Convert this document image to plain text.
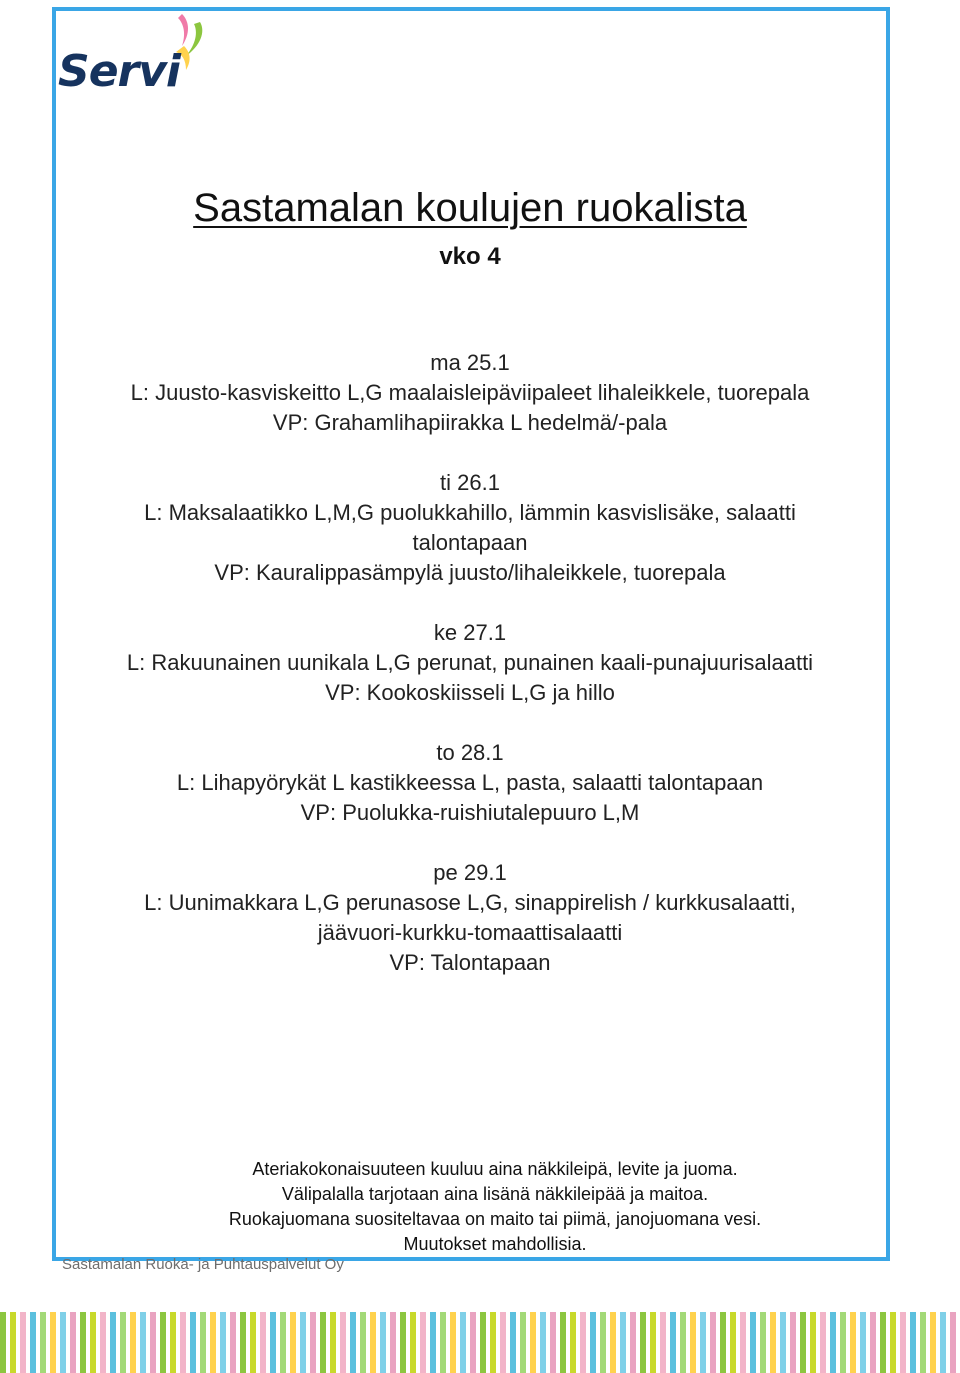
Servi
Sastamalan koulujen ruokalista
vko 4
ma 25.1
L: Juusto-kasviskeitto L,G maalaisleipäviipaleet lihaleikkele, tuorepala
VP: Grahamlihapiirakka L hedelmä/-pala
ti 26.1
L: Maksalaatikko L,M,G puolukkahillo, lämmin kasvislisäke, salaatti
talontapaan
VP: Kauralippasämpylä juusto/lihaleikkele, tuorepala
ke 27.1
L: Rakuunainen uunikala L,G perunat, punainen kaali-punajuurisalaatti
VP: Kookoskiisseli L,G ja hillo
to 28.1
L: Lihapyörykät L kastikkeessa L, pasta, salaatti talontapaan
VP: Puolukka-ruishiutalepuuro L,M
pe 29.1
L: Uunimakkara L,G perunasose L,G, sinappirelish / kurkkusalaatti,
jäävuori-kurkku-tomaattisalaatti
VP: Talontapaan
Ateriakokonaisuuteen kuuluu aina näkkileipä, levite ja juoma.
Välipalalla tarjotaan aina lisänä näkkileipää ja maitoa.
Ruokajuomana suositeltavaa on maito tai piimä, janojuomana vesi.
Muutokset mahdollisia.
Sastamalan Ruoka- ja Puhtauspalvelut Oy
